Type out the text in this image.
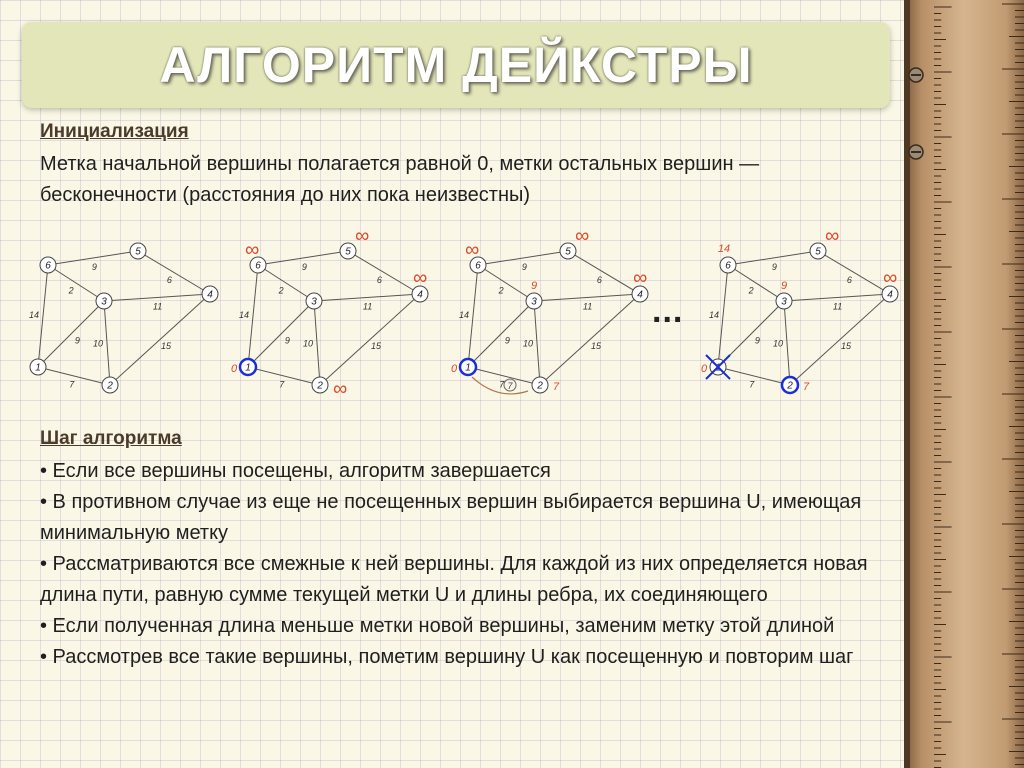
АЛГОРИТМ ДЕЙКСТРЫ
Инициализация
Метка начальной вершины полагается равной 0, метки остальных вершин — бесконечности (расстояния до них пока неизвестны)
9
2
14
6
11
9 10	15
7
1
2
3
4
5
6	9
2
14
6
11
9 10	15
7
1
2
3
4
5
6
∞
∞
∞
∞
0
9
2
14
6
11
9 10	15
7
1
2
3
4
5
6
∞
∞
∞
0
9
7
7
9
2
14
6
11
9 10	15
7	2
3
4
5
6
∞
∞
0
14
9
7
...
Шаг алгоритма
• Если все вершины посещены, алгоритм завершается
• В противном случае из еще не посещенных вершин выбирается вершина U, имеющая минимальную метку
• Рассматриваются все смежные к ней вершины. Для каждой из них определяется новая длина пути, равную сумме текущей метки U и длины ребра, их соединяющего
• Если полученная длина меньше метки новой вершины, заменим метку этой длиной
• Рассмотрев все такие вершины, пометим вершину U как посещенную и повторим шаг
